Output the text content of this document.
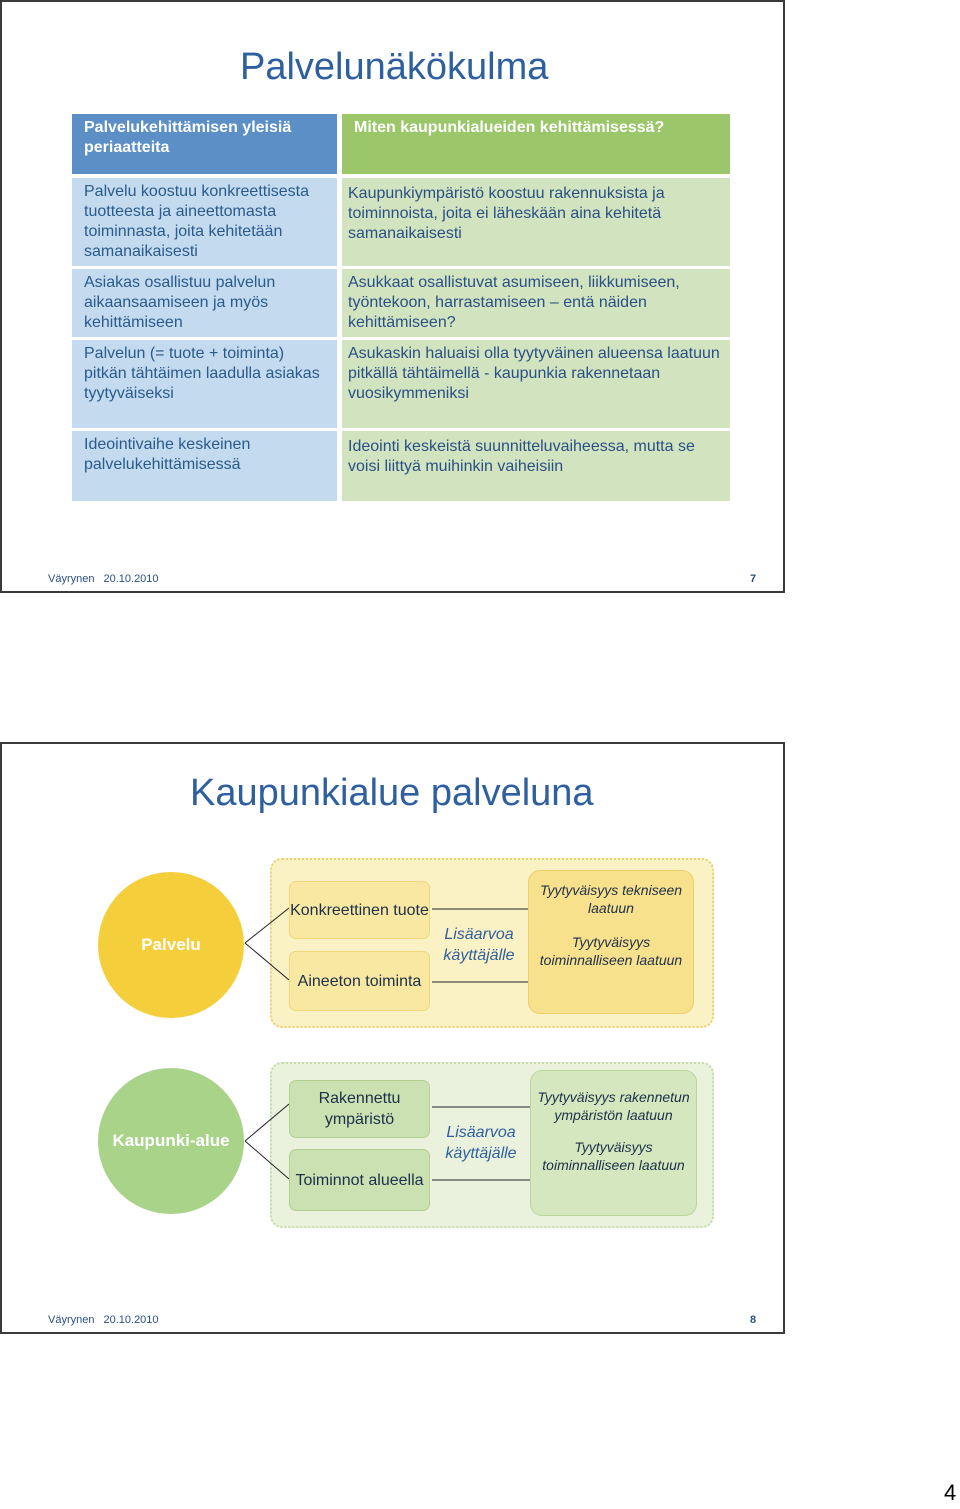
Palvelunäkökulma
Palvelukehittämisen yleisiä periaatteita
Miten kaupunkialueiden kehittämisessä?
Palvelu koostuu konkreettisesta tuotteesta ja aineettomasta toiminnasta, joita kehitetään samanaikaisesti
Asiakas osallistuu palvelun aikaansaamiseen ja myös kehittämiseen
Palvelun (= tuote + toiminta) pitkän tähtäimen laadulla asiakas tyytyväiseksi
Ideointivaihe keskeinen palvelukehittämisessä
Kaupunkiympäristö koostuu rakennuksista ja toiminnoista, joita ei läheskään aina kehitetä samanaikaisesti
Asukkaat osallistuvat asumiseen, liikkumiseen, työntekoon, harrastamiseen – entä näiden kehittämiseen?
Asukaskin haluaisi olla tyytyväinen alueensa laatuun pitkällä tähtäimellä - kaupunkia rakennetaan vuosikymmeniksi
Ideointi keskeistä suunnitteluvaiheessa, mutta se voisi liittyä muihinkin vaiheisiin
Väyrynen 20.10.2010	7
Kaupunkialue palveluna
Palvelu
Konkreettinen tuote
Aineeton toiminta
Lisäarvoa käyttäjälle
Tyytyväisyys tekniseen laatuun
Tyytyväisyys toiminnalliseen laatuun
Kaupunki-alue
Rakennettu ympäristö
Toiminnot alueella
Lisäarvoa käyttäjälle
Tyytyväisyys rakennetun ympäristön laatuun
Tyytyväisyys toiminnalliseen laatuun
Väyrynen 20.10.2010	8
4
